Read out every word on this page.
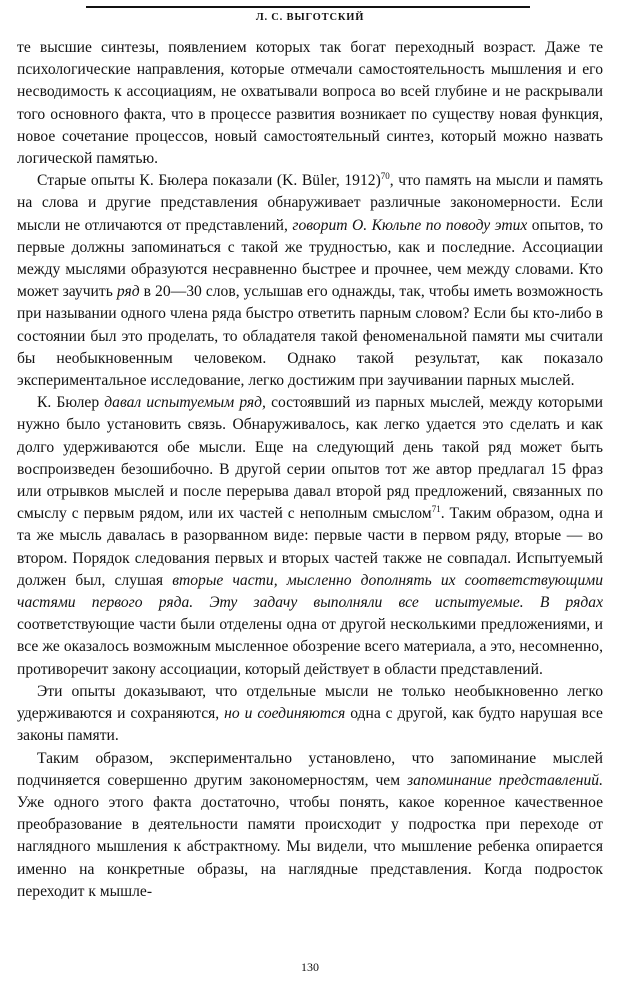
Л. С. ВЫГОТСКИЙ

те высшие синтезы, появлением которых так богат переходный возраст. Даже те психологические направления, которые отмечали самостоятельность мышления и его несводимость к ассоциациям, не охватывали вопроса во всей глубине и не раскрывали того основного факта, что в процессе развития возникает по существу новая функция, новое сочетание процессов, новый самостоятельный синтез, который можно назвать логической памятью.

Старые опыты К. Бюлера показали (K. Büler, 1912)$^{70}$, что память на мысли и память на слова и другие представления обнаруживает различные закономерности. Если мысли не отличаются от представлений, говорит О. Кюльпе по поводу этих опытов, то первые должны запоминаться с такой же трудностью, как и последние. Ассоциации между мыслями образуются несравненно быстрее и прочнее, чем между словами. Кто может заучить ряд в 20—30 слов, услышав его однажды, так, чтобы иметь возможность при назывании одного члена ряда быстро ответить парным словом? Если бы кто-либо в состоянии был это проделать, то обладателя такой феноменальной памяти мы считали бы необыкновенным человеком. Однако такой результат, как показало экспериментальное исследование, легко достижим при заучивании парных мыслей.

К. Бюлер давал испытуемым ряд, состоявший из парных мыслей, между которыми нужно было установить связь. Обнаруживалось, как легко удается это сделать и как долго удерживаются обе мысли. Еще на следующий день такой ряд может быть воспроизведен безошибочно. В другой серии опытов тот же автор предлагал 15 фраз или отрывков мыслей и после перерыва давал второй ряд предложений, связанных по смыслу с первым рядом, или их частей с неполным смыслом$^{71}$. Таким образом, одна и та же мысль давалась в разорванном виде: первые части в первом ряду, вторые — во втором. Порядок следования первых и вторых частей также не совпадал. Испытуемый должен был, слушая вторые части, мысленно дополнять их соответствующими частями первого ряда. Эту задачу выполняли все испытуемые. В рядах соответствующие части были отделены одна от другой несколькими предложениями, и все же оказалось возможным мысленное обозрение всего материала, а это, несомненно, противоречит закону ассоциации, который действует в области представлений.

Эти опыты доказывают, что отдельные мысли не только необыкновенно легко удерживаются и сохраняются, но и соединяются одна с другой, как будто нарушая все законы памяти.

Таким образом, экспериментально установлено, что запоминание мыслей подчиняется совершенно другим закономерностям, чем запоминание представлений. Уже одного этого факта достаточно, чтобы понять, какое коренное качественное преобразование в деятельности памяти происходит у подростка при переходе от наглядного мышления к абстрактному. Мы видели, что мышление ребенка опирается именно на конкретные образы, на наглядные представления. Когда подросток переходит к мышле-

130
